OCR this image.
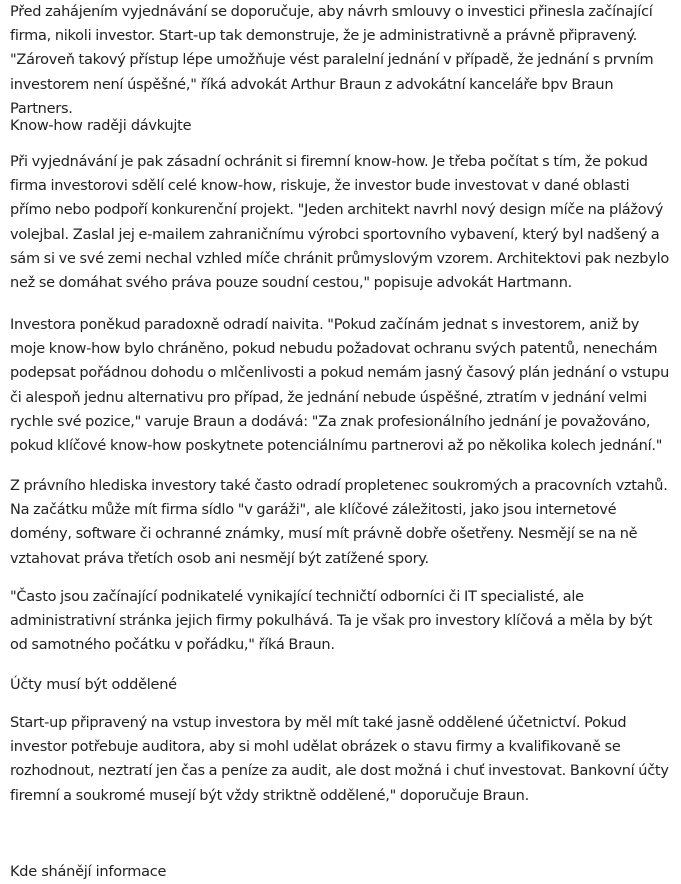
Před zahájením vyjednávání se doporučuje, aby návrh smlouvy o investici přinesla začínající firma, nikoli investor. Start-up tak demonstruje, že je administrativně a právně připravený. "Zároveň takový přístup lépe umožňuje vést paralelní jednání v případě, že jednání s prvním investorem není úspěšné," říká advokát Arthur Braun z advokátní kanceláře bpv Braun Partners.

Know-how raději dávkujte

Při vyjednávání je pak zásadní ochránit si firemní know-how. Je třeba počítat s tím, že pokud firma investorovi sdělí celé know-how, riskuje, že investor bude investovat v dané oblasti přímo nebo podpoří konkurenční projekt. "Jeden architekt navrhl nový design míče na plážový volejbal. Zaslal jej e-mailem zahraničnímu výrobci sportovního vybavení, který byl nadšený a sám si ve své zemi nechal vzhled míče chránit průmyslovým vzorem. Architektovi pak nezbylo než se domáhat svého práva pouze soudní cestou," popisuje advokát Hartmann.

Investora poněkud paradoxně odradí naivita. "Pokud začínám jednat s investorem, aniž by moje know-how bylo chráněno, pokud nebudu požadovat ochranu svých patentů, nenechám podepsat pořádnou dohodu o mlčenlivosti a pokud nemám jasný časový plán jednání o vstupu či alespoň jednu alternativu pro případ, že jednání nebude úspěšné, ztratím v jednání velmi rychle své pozice," varuje Braun a dodává: "Za znak profesionálního jednání je považováno, pokud klíčové know-how poskytnete potenciálnímu partnerovi až po několika kolech jednání."

Z právního hlediska investory také často odradí propletenec soukromých a pracovních vztahů. Na začátku může mít firma sídlo "v garáži", ale klíčové záležitosti, jako jsou internetové domény, software či ochranné známky, musí mít právně dobře ošetřeny. Nesmějí se na ně vztahovat práva třetích osob ani nesmějí být zatížené spory.

"Často jsou začínající podnikatelé vynikající techničtí odborníci či IT specialisté, ale administrativní stránka jejich firmy pokulhává. Ta je však pro investory klíčová a měla by být od samotného počátku v pořádku," říká Braun.

Účty musí být oddělené

Start-up připravený na vstup investora by měl mít také jasně oddělené účetnictví. Pokud investor potřebuje auditora, aby si mohl udělat obrázek o stavu firmy a kvalifikovaně se rozhodnout, neztratí jen čas a peníze za audit, ale dost možná i chuť investovat. Bankovní účty firemní a soukromé musejí být vždy striktně oddělené," doporučuje Braun.

Kde shánějí informace
